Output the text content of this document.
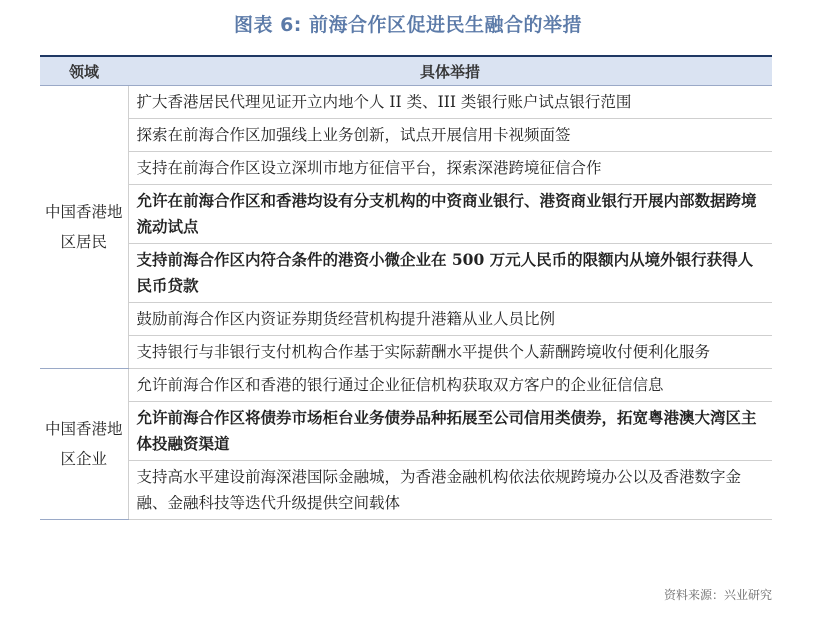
图表 6: 前海合作区促进民生融合的举措
领域	具体举措
中国香港地区居民	扩大香港居民代理见证开立内地个人 II 类、III 类银行账户试点银行范围
	探索在前海合作区加强线上业务创新，试点开展信用卡视频面签
	支持在前海合作区设立深圳市地方征信平台，探索深港跨境征信合作
	允许在前海合作区和香港均设有分支机构的中资商业银行、港资商业银行开展内部数据跨境流动试点
	支持前海合作区内符合条件的港资小微企业在 500 万元人民币的限额内从境外银行获得人民币贷款
	鼓励前海合作区内资证券期货经营机构提升港籍从业人员比例
	支持银行与非银行支付机构合作基于实际薪酬水平提供个人薪酬跨境收付便利化服务
中国香港地区企业	允许前海合作区和香港的银行通过企业征信机构获取双方客户的企业征信信息
	允许前海合作区将债券市场柜台业务债券品种拓展至公司信用类债券，拓宽粤港澳大湾区主体投融资渠道
	支持高水平建设前海深港国际金融城，为香港金融机构依法依规跨境办公以及香港数字金融、金融科技等迭代升级提供空间载体
资料来源：兴业研究
